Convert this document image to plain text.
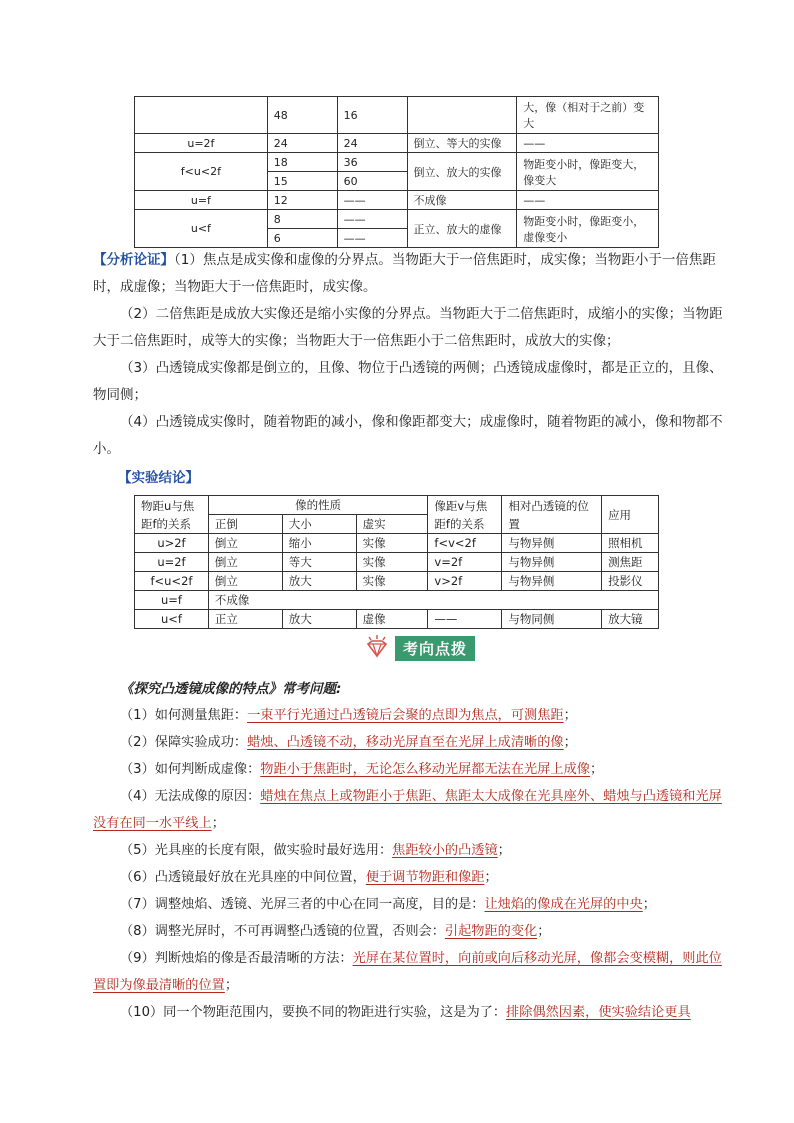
	48	16		大，像（相对于之前）变大
u=2f	24	24	倒立、等大的实像	——
f<u<2f	18	36	倒立、放大的实像	物距变小时，像距变大，像变大
	15	60		
u=f	12	——	不成像	——
u<f	8	——	正立、放大的虚像	物距变小时，像距变小，虚像变小
	6	——		

【分析论证】（1）焦点是成实像和虚像的分界点。当物距大于一倍焦距时，成实像；当物距小于一倍焦距时，成虚像；当物距大于一倍焦距时，成实像。

（2）二倍焦距是成放大实像还是缩小实像的分界点。当物距大于二倍焦距时，成缩小的实像；当物距大于二倍焦距时，成等大的实像；当物距大于一倍焦距小于二倍焦距时，成放大的实像；

（3）凸透镜成实像都是倒立的，且像、物位于凸透镜的两侧；凸透镜成虚像时，都是正立的，且像、物同侧；

（4）凸透镜成实像时，随着物距的减小，像和像距都变大；成虚像时，随着物距的减小，像和物都不小。

【实验结论】

物距u与焦距f的关系	像的性质			像距v与焦距f的关系	相对凸透镜的位置	应用
	正倒	大小	虚实			
u>2f	倒立	缩小	实像	f<v<2f	与物异侧	照相机
u=2f	倒立	等大	实像	v=2f	与物异侧	测焦距
f<u<2f	倒立	放大	实像	v>2f	与物异侧	投影仪
u=f	不成像					
u<f	正立	放大	虚像	——	与物同侧	放大镜
考向点拨

《探究凸透镜成像的特点》常考问题:

（1）如何测量焦距：一束平行光通过凸透镜后会聚的点即为焦点，可测焦距；

（2）保障实验成功：蜡烛、凸透镜不动，移动光屏直至在光屏上成清晰的像；

（3）如何判断成虚像：物距小于焦距时，无论怎么移动光屏都无法在光屏上成像；

（4）无法成像的原因：蜡烛在焦点上或物距小于焦距、焦距太大成像在光具座外、蜡烛与凸透镜和光屏没有在同一水平线上；

（5）光具座的长度有限，做实验时最好选用：焦距较小的凸透镜；

（6）凸透镜最好放在光具座的中间位置，便于调节物距和像距；

（7）调整烛焰、透镜、光屏三者的中心在同一高度，目的是：让烛焰的像成在光屏的中央；

（8）调整光屏时，不可再调整凸透镜的位置，否则会：引起物距的变化；

（9）判断烛焰的像是否最清晰的方法：光屏在某位置时，向前或向后移动光屏，像都会变模糊，则此位置即为像最清晰的位置；

（10）同一个物距范围内，要换不同的物距进行实验，这是为了：排除偶然因素，使实验结论更具
